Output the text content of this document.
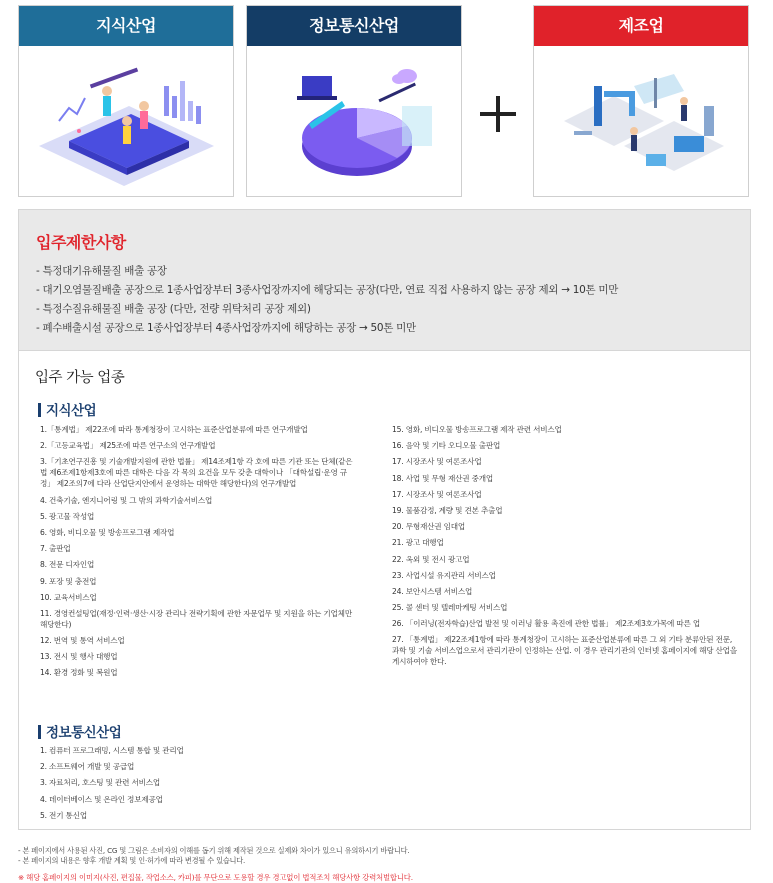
지식산업	정보통신산업	제조업
입주제한사항
- 특정대기유해물질 배출 공장
- 대기오염물질배출 공장으로 1종사업장부터 3종사업장까지에 해당되는 공장(다만, 연료 직접 사용하지 않는 공장 제외 → 10톤 미만
- 특정수질유해물질 배출 공장 (다만, 전량 위탁처리 공장 제외)
- 폐수배출시설 공장으로 1종사업장부터 4종사업장까지에 해당하는 공장 → 50톤 미만
입주 가능 업종
지식산업
1.「통계법」 제22조에 따라 통계청장이 고시하는 표준산업분류에 따른 연구개발업
2.「고등교육법」 제25조에 따른 연구소의 연구개발업
3.「기초연구진흥 및 기술개발지원에 관한 법률」 제14조제1항 각 호에 따른 기관 또는 단체(같은 법 제6조제1항제3호에 따른 대학은 다음 각 목의 요건을 모두 갖춘 대학이나 「대학설립·운영 규정」 제2조의7에 다라 산업단지안에서 운영하는 대학만 해당한다)의 연구개발업
4. 건축기술, 엔지니어링 및 그 밖의 과학기술서비스업
5. 광고물 작성업
6. 영화, 비디오물 및 방송프로그램 제작업
7. 출판업
8. 전문 디자인업
9. 포장 및 충전업
10. 교육서비스업
11. 경영컨설팅업(재정·인력·생산·시장 관리나 전략기획에 관한 자문업무 및 지원을 하는 기업체만 해당한다)
12. 번역 및 통역 서비스업
13. 전시 및 행사 대행업
14. 환경 정화 및 복원업
15. 영화, 비디오물 방송프로그램 제작 관련 서비스업
16. 음악 및 기타 오디오물 출판업
17. 시장조사 및 여론조사업
18. 사업 및 무형 재산권 중개업
17. 시장조사 및 여론조사업
19. 물품감정, 계량 및 견본 추출업
20. 무형재산권 임대업
21. 광고 대행업
22. 옥외 및 전시 광고업
23. 사업시설 유지관리 서비스업
24. 보안시스템 서비스업
25. 콜 센터 및 텔레마케팅 서비스업
26. 「이러닝(전자학습)산업 발전 및 이러닝 활용 촉진에 관한 법률」 제2조제3호가목에 따른 업
27. 「통계법」 제22조제1항에 따라 통계청장이 고시하는 표준산업분류에 따른 그 외 기타 분류안된 전문, 과학 및 기술 서비스업으로서 관리기관이 인정하는 산업. 이 경우 관리기관의 인터넷 홈페이지에 해당 산업을 게시하여야 한다.
정보통신산업
1. 컴퓨터 프로그래밍, 시스템 통합 및 관리업
2. 소프트웨어 개발 및 공급업
3. 자료처리, 호스팅 및 관련 서비스업
4. 데이터베이스 및 온라인 정보제공업
5. 전기 통신업
- 본 페이지에서 사용된 사진, CG 및 그림은 소비자의 이해를 돕기 위해 제작된 것으로 실제와 차이가 있으니 유의하시기 바랍니다.
- 본 페이지의 내용은 향후 개발 계획 및 인·허가에 따라 변경될 수 있습니다.
※ 해당 홈페이지의 이미지(사진, 편집물, 작업소스, 카피)를 무단으로 도용할 경우 경고없이 법적조치 해당사항 강력처벌합니다.
